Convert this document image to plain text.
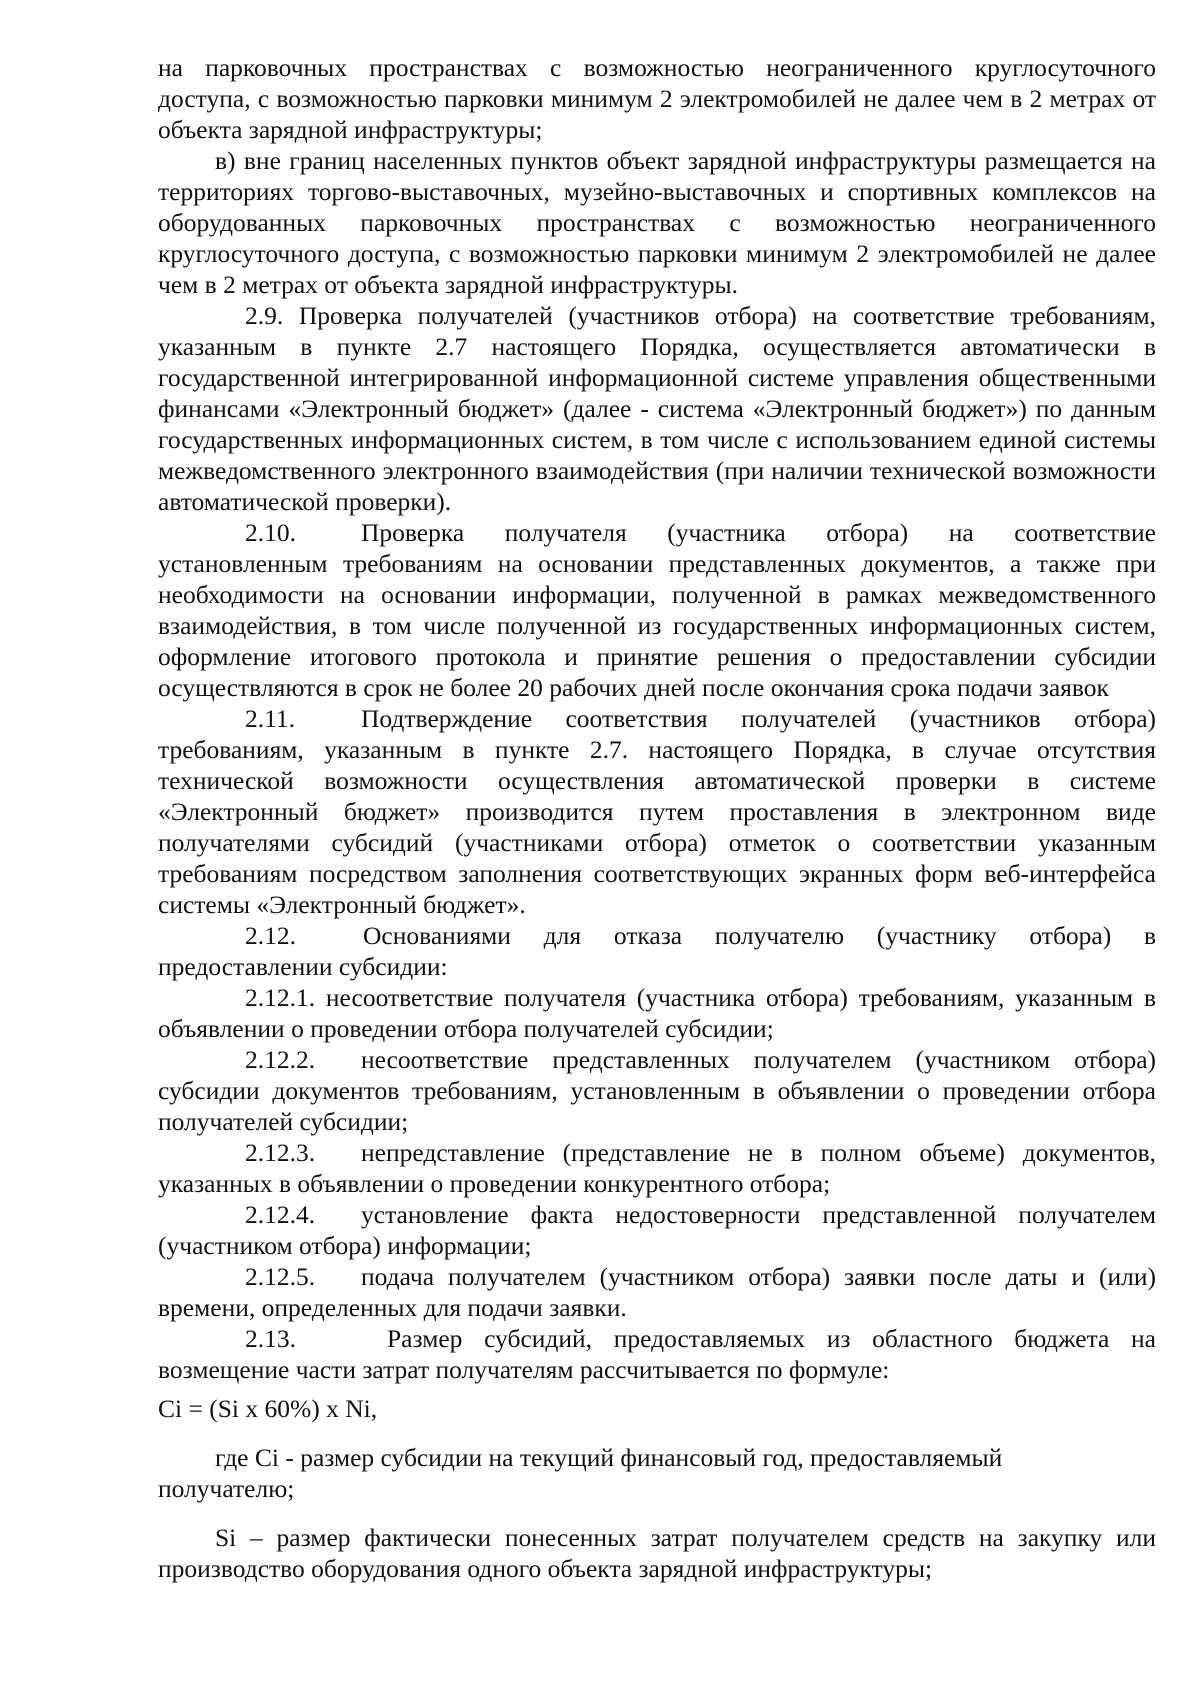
на парковочных пространствах с возможностью неограниченного круглосуточного доступа, с возможностью парковки минимум 2 электромобилей не далее чем в 2 метрах от объекта зарядной инфраструктуры;

в) вне границ населенных пунктов объект зарядной инфраструктуры размещается на территориях торгово-выставочных, музейно-выставочных и спортивных комплексов на оборудованных парковочных пространствах с возможностью неограниченного круглосуточного доступа, с возможностью парковки минимум 2 электромобилей не далее чем в 2 метрах от объекта зарядной инфраструктуры.

2.9. Проверка получателей (участников отбора) на соответствие требованиям, указанным в пункте 2.7 настоящего Порядка, осуществляется автоматически в государственной интегрированной информационной системе управления общественными финансами «Электронный бюджет» (далее - система «Электронный бюджет») по данным государственных информационных систем, в том числе с использованием единой системы межведомственного электронного взаимодействия (при наличии технической возможности автоматической проверки).

2.10.	Проверка получателя (участника отбора) на соответствие установленным требованиям на основании представленных документов, а также при необходимости на основании информации, полученной в рамках межведомственного взаимодействия, в том числе полученной из государственных информационных систем, оформление итогового протокола и принятие решения о предоставлении субсидии осуществляются в срок не более 20 рабочих дней после окончания срока подачи заявок

2.11.	Подтверждение соответствия получателей (участников отбора) требованиям, указанным в пункте 2.7. настоящего Порядка, в случае отсутствия технической возможности осуществления автоматической проверки в системе «Электронный бюджет» производится путем проставления в электронном виде получателями субсидий (участниками отбора) отметок о соответствии указанным требованиям посредством заполнения соответствующих экранных форм веб-интерфейса системы «Электронный бюджет».

2.12.	Основаниями для отказа получателю (участнику отбора) в предоставлении субсидии:

2.12.1. несоответствие получателя (участника отбора) требованиям, указанным в объявлении о проведении отбора получателей субсидии;

2.12.2. несоответствие представленных получателем (участником отбора) субсидии документов требованиям, установленным в объявлении о проведении отбора получателей субсидии;

2.12.3. непредставление (представление не в полном объеме) документов, указанных в объявлении о проведении конкурентного отбора;

2.12.4. установление факта недостоверности представленной получателем (участником отбора) информации;

2.12.5. подача получателем (участником отбора) заявки после даты и (или) времени, определенных для подачи заявки.

2.13.	Размер субсидий, предоставляемых из областного бюджета на возмещение части затрат получателям рассчитывается по формуле:

Ci = (Si x 60%) x Ni,

где Ci - размер субсидии на текущий финансовый год, предоставляемый получателю;

Si – размер фактически понесенных затрат получателем средств на закупку или производство оборудования одного объекта зарядной инфраструктуры;
